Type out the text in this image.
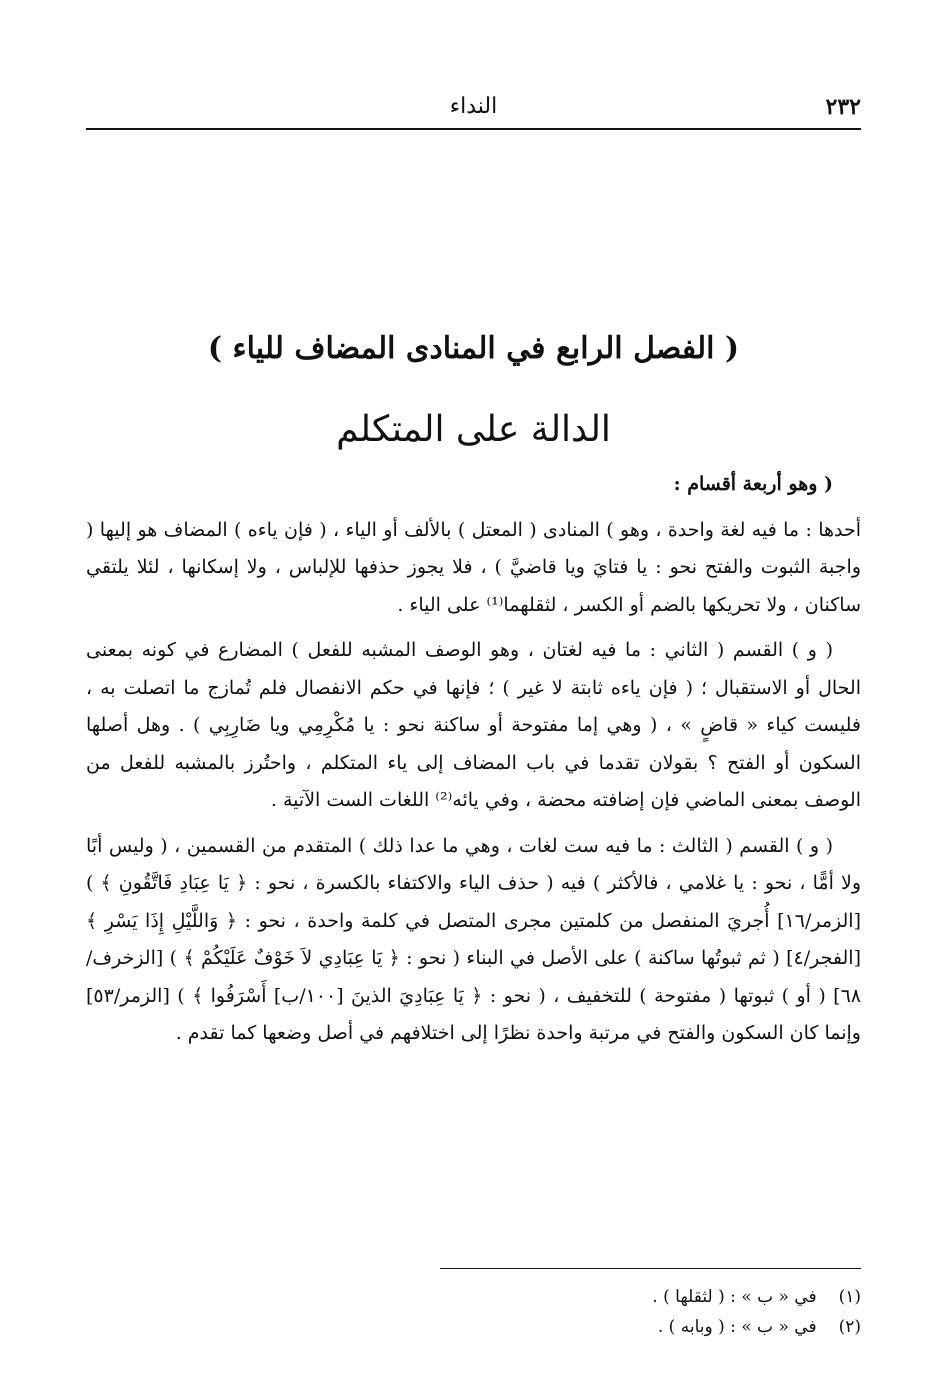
٢٣٢
النداء
( الفصل الرابع في المنادى المضاف للياء )
الدالة على المتكلم

( وهو أربعة أقسام :

أحدها : ما فيه لغة واحدة ، وهو ) المنادى ( المعتل ) بالألف أو الياء ، ( فإن ياءه ) المضاف هو إليها ( واجبة الثبوت والفتح نحو : يا فتايَ ويا قاضيَّ ) ، فلا يجوز حذفها للإلباس ، ولا إسكانها ، لئلا يلتقي ساكنان ، ولا تحريكها بالضم أو الكسر ، لثقلهما⁽¹⁾ على الياء .

( و ) القسم ( الثاني : ما فيه لغتان ، وهو الوصف المشبه للفعل ) المضارع في كونه بمعنى الحال أو الاستقبال ؛ ( فإن ياءه ثابتة لا غير ) ؛ فإنها في حكم الانفصال فلم تُمازج ما اتصلت به ، فليست كياء « قاضٍ » ، ( وهي إما مفتوحة أو ساكنة نحو : يا مُكْرِمِي ويا ضَارِبِي ) . وهل أصلها السكون أو الفتح ؟ بقولان تقدما في باب المضاف إلى ياء المتكلم ، واحتُرز بالمشبه للفعل من الوصف بمعنى الماضي فإن إضافته محضة ، وفي يائه⁽²⁾ اللغات الست الآتية .

( و ) القسم ( الثالث : ما فيه ست لغات ، وهي ما عدا ذلك ) المتقدم من القسمين ، ( وليس أبًا ولا أمًّا ، نحو : يا غلامي ، فالأكثر ) فيه ( حذف الياء والاكتفاء بالكسرة ، نحو : ﴿ يَا عِبَادِ فَاتَّقُونِ ﴾ ) [الزمر/١٦] أُجريَ المنفصل من كلمتين مجرى المتصل في كلمة واحدة ، نحو : ﴿ وَاللَّيْلِ إِذَا يَسْرِ ﴾ [الفجر/٤] ( ثم ثبوتُها ساكنة ) على الأصل في البناء ( نحو : ﴿ يَا عِبَادِي لاَ خَوْفٌ عَلَيْكُمْ ﴾ ) [الزخرف/٦٨] ( أو ) ثبوتها ( مفتوحة ) للتخفيف ، ( نحو : ﴿ يَا عِبَادِيَ الذينَ [١٠٠/ب] أَسْرَفُوا ﴾ ) [الزمر/٥٣] وإنما كان السكون والفتح في مرتبة واحدة نظرًا إلى اختلافهم في أصل وضعها كما تقدم .

(١)
في « ب » : ( لثقلها ) .
(٢)
في « ب » : ( وبابه ) .
